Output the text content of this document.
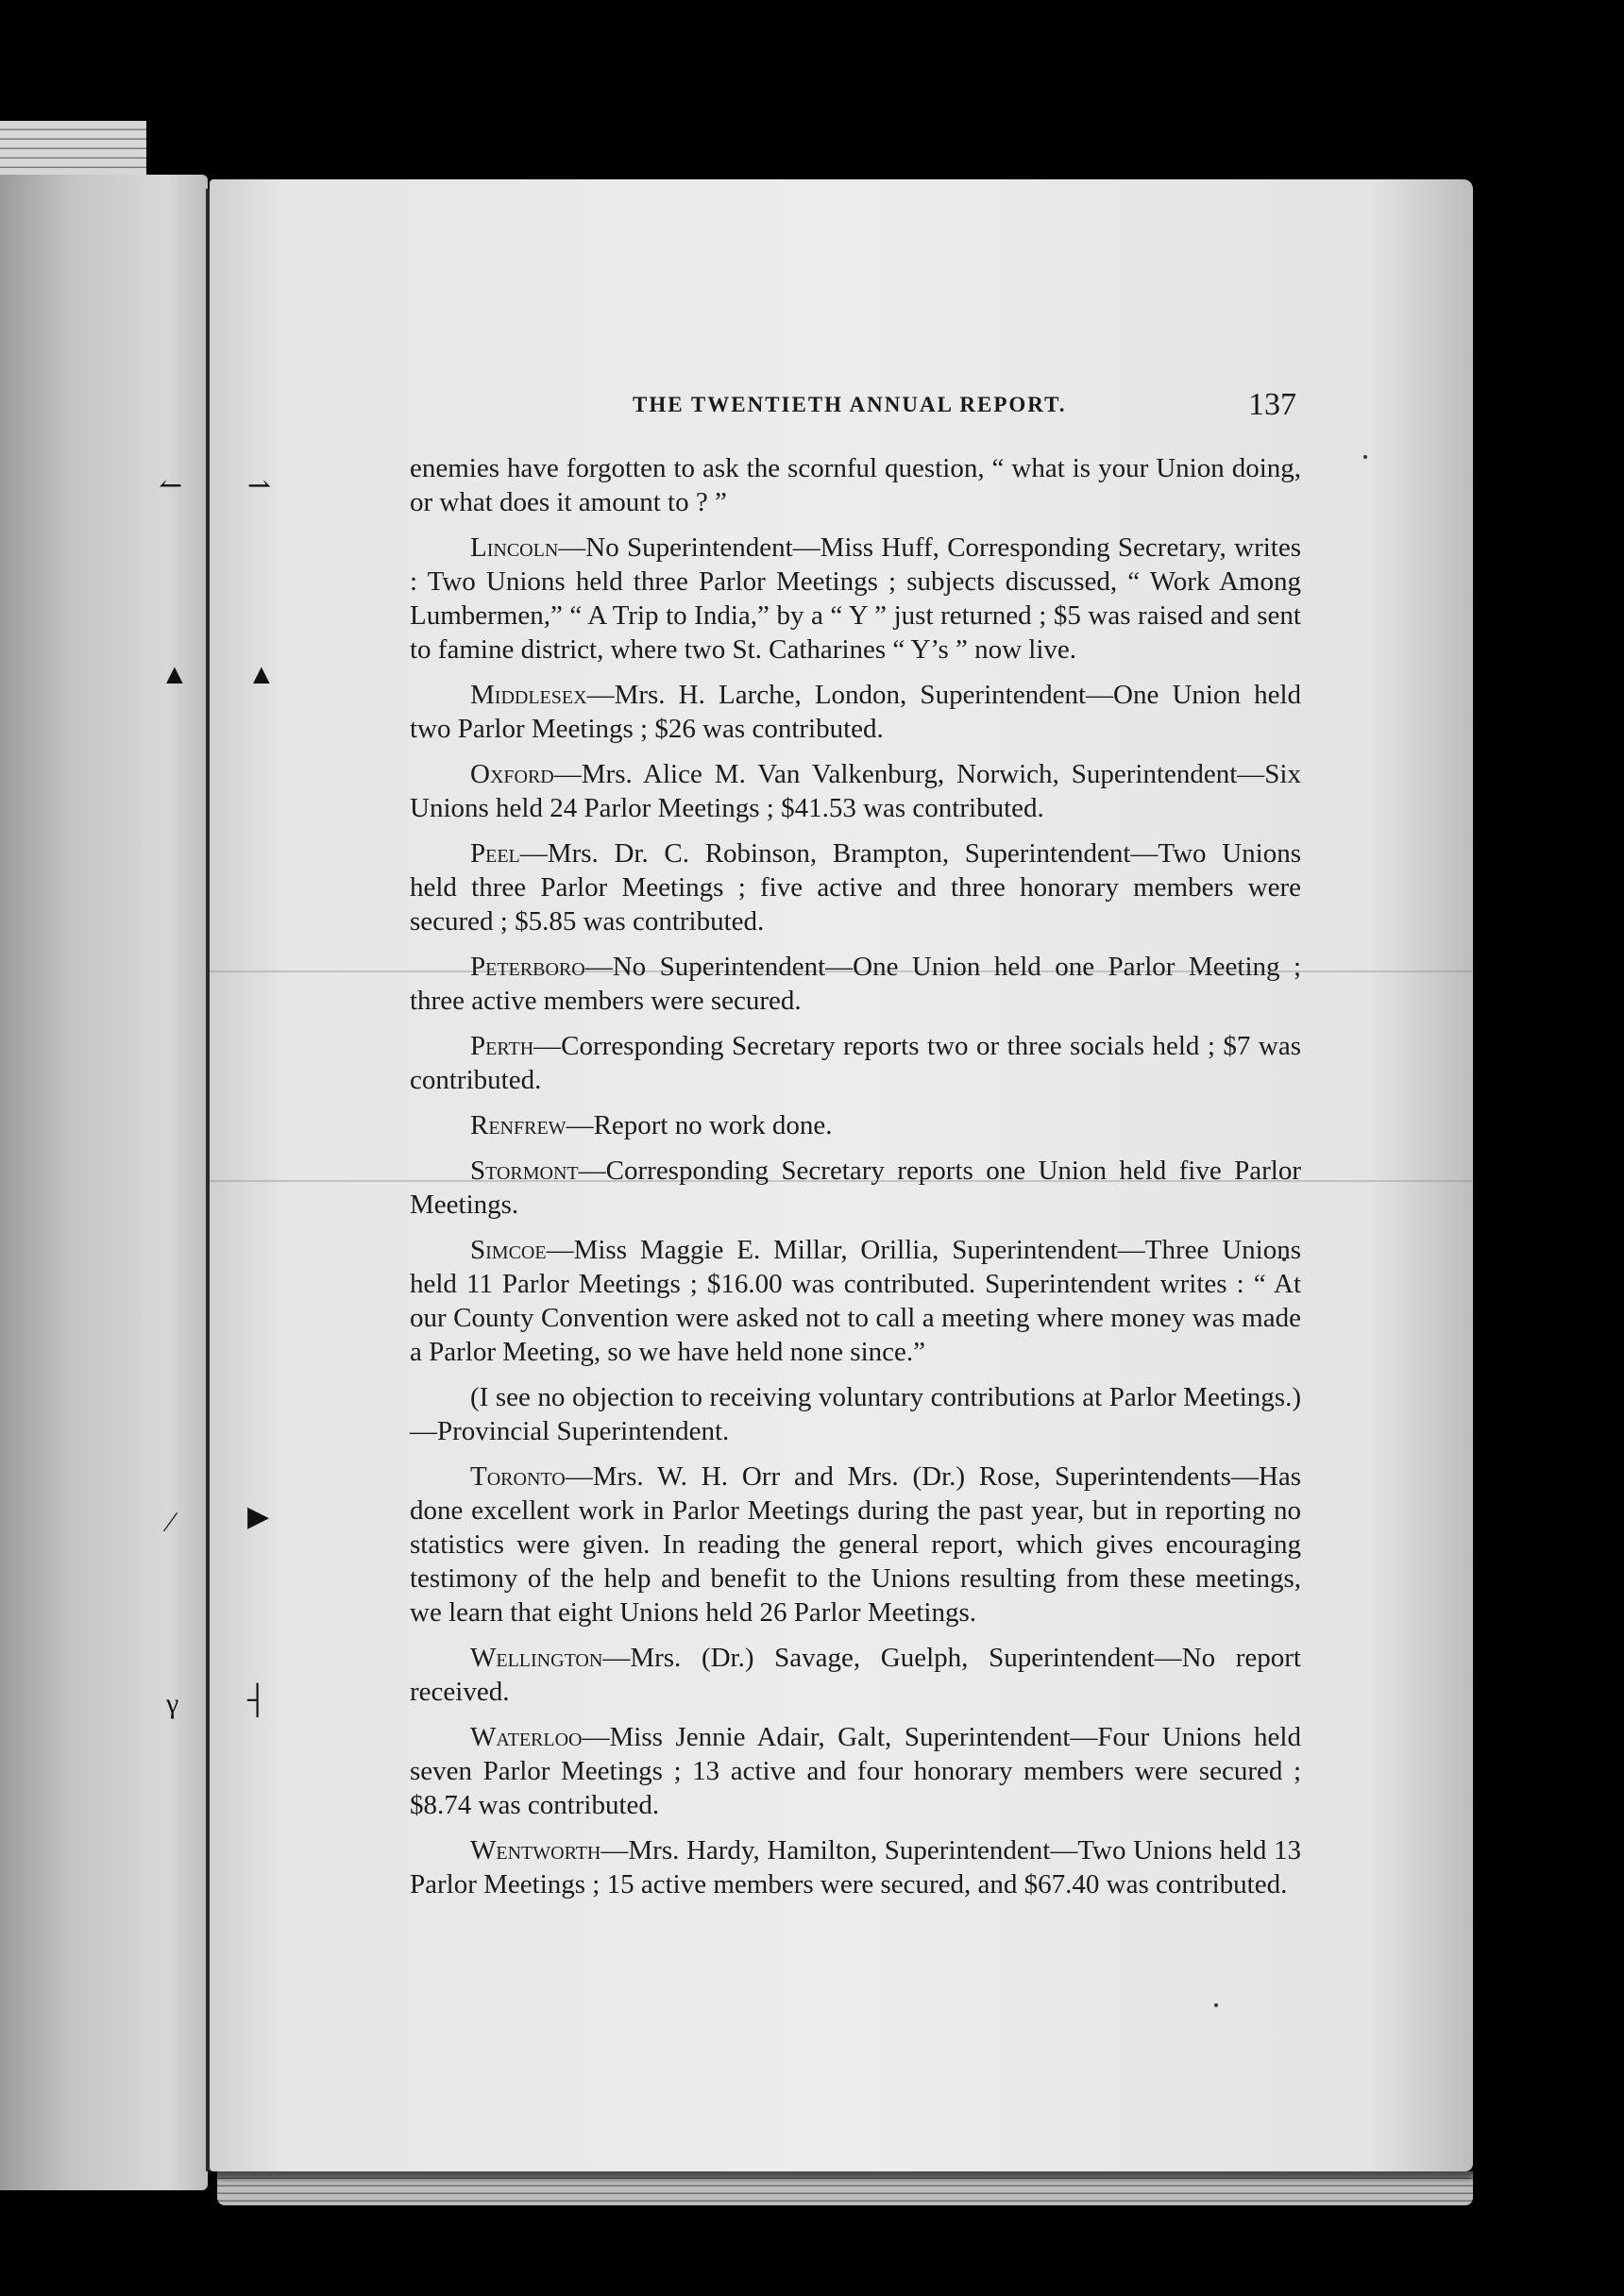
↼ ⇀
▲ ▲
∕	▶
γ ┤
THE TWENTIETH ANNUAL REPORT.	137

enemies have forgotten to ask the scornful question, “ what is your Union doing, or what does it amount to ? ”

Lincoln—No Superintendent—Miss Huff, Corresponding Secretary, writes : Two Unions held three Parlor Meetings ; subjects discussed, “ Work Among Lumbermen,” “ A Trip to India,” by a “ Y ” just returned ; $5 was raised and sent to famine district, where two St. Catharines “ Y’s ” now live.

Middlesex—Mrs. H. Larche, London, Superintendent—One Union held two Parlor Meetings ; $26 was contributed.

Oxford—Mrs. Alice M. Van Valkenburg, Norwich, Superintendent—Six Unions held 24 Parlor Meetings ; $41.53 was contributed.

Peel—Mrs. Dr. C. Robinson, Brampton, Superintendent—Two Unions held three Parlor Meetings ; five active and three honorary members were secured ; $5.85 was contributed.

Peterboro—No Superintendent—One Union held one Parlor Meeting ; three active members were secured.

Perth—Corresponding Secretary reports two or three socials held ; $7 was contributed.

Renfrew—Report no work done.

Stormont—Corresponding Secretary reports one Union held five Parlor Meetings.

Simcoe—Miss Maggie E. Millar, Orillia, Superintendent—Three Unions held 11 Parlor Meetings ; $16.00 was contributed. Superintendent writes : “ At our County Convention were asked not to call a meeting where money was made a Parlor Meeting, so we have held none since.”

(I see no objection to receiving voluntary contributions at Parlor Meetings.)—Provincial Superintendent.

Toronto—Mrs. W. H. Orr and Mrs. (Dr.) Rose, Superintendents—Has done excellent work in Parlor Meetings during the past year, but in reporting no statistics were given. In reading the general report, which gives encouraging testimony of the help and benefit to the Unions resulting from these meetings, we learn that eight Unions held 26 Parlor Meetings.

Wellington—Mrs. (Dr.) Savage, Guelph, Superintendent—No report received.

Waterloo—Miss Jennie Adair, Galt, Superintendent—Four Unions held seven Parlor Meetings ; 13 active and four honorary members were secured ; $8.74 was contributed.

Wentworth—Mrs. Hardy, Hamilton, Superintendent—Two Unions held 13 Parlor Meetings ; 15 active members were secured, and $67.40 was contributed.
